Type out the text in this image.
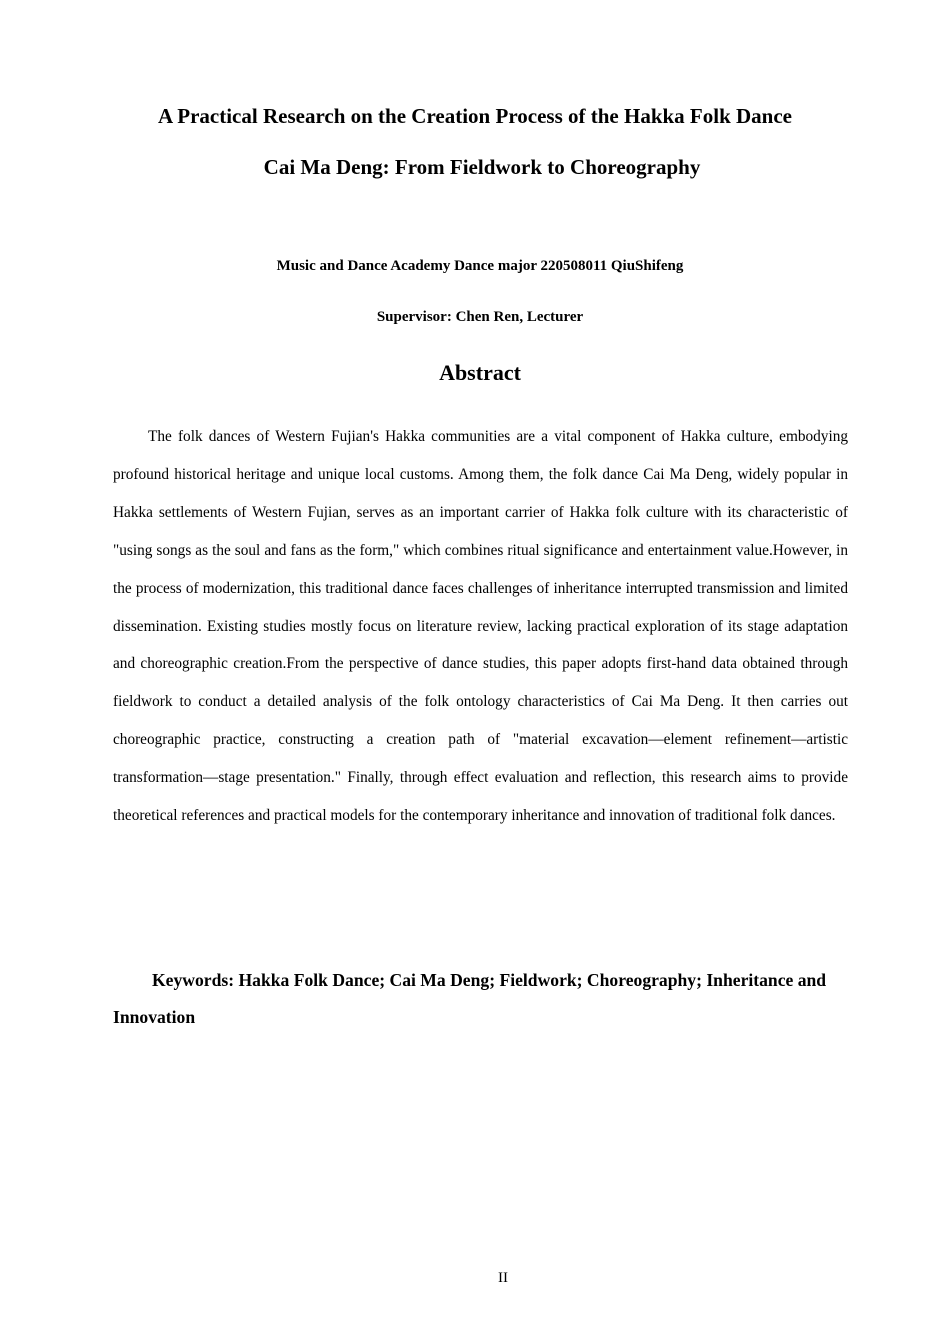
A Practical Research on the Creation Process of the Hakka Folk Dance
Cai Ma Deng: From Fieldwork to Choreography
Music and Dance Academy Dance major 220508011 QiuShifeng
Supervisor: Chen Ren, Lecturer
Abstract

The folk dances of Western Fujian's Hakka communities are a vital component of Hakka culture, embodying profound historical heritage and unique local customs. Among them, the folk dance Cai Ma Deng, widely popular in Hakka settlements of Western Fujian, serves as an important carrier of Hakka folk culture with its characteristic of "using songs as the soul and fans as the form," which combines ritual significance and entertainment value.However, in the process of modernization, this traditional dance faces challenges of inheritance interrupted transmission and limited dissemination. Existing studies mostly focus on literature review, lacking practical exploration of its stage adaptation and choreographic creation.From the perspective of dance studies, this paper adopts first-hand data obtained through fieldwork to conduct a detailed analysis of the folk ontology characteristics of Cai Ma Deng. It then carries out choreographic practice, constructing a creation path of "material excavation—element refinement—artistic transformation—stage presentation." Finally, through effect evaluation and reflection, this research aims to provide theoretical references and practical models for the contemporary inheritance and innovation of traditional folk dances.

Keywords: Hakka Folk Dance; Cai Ma Deng; Fieldwork; Choreography; Inheritance and Innovation

II
